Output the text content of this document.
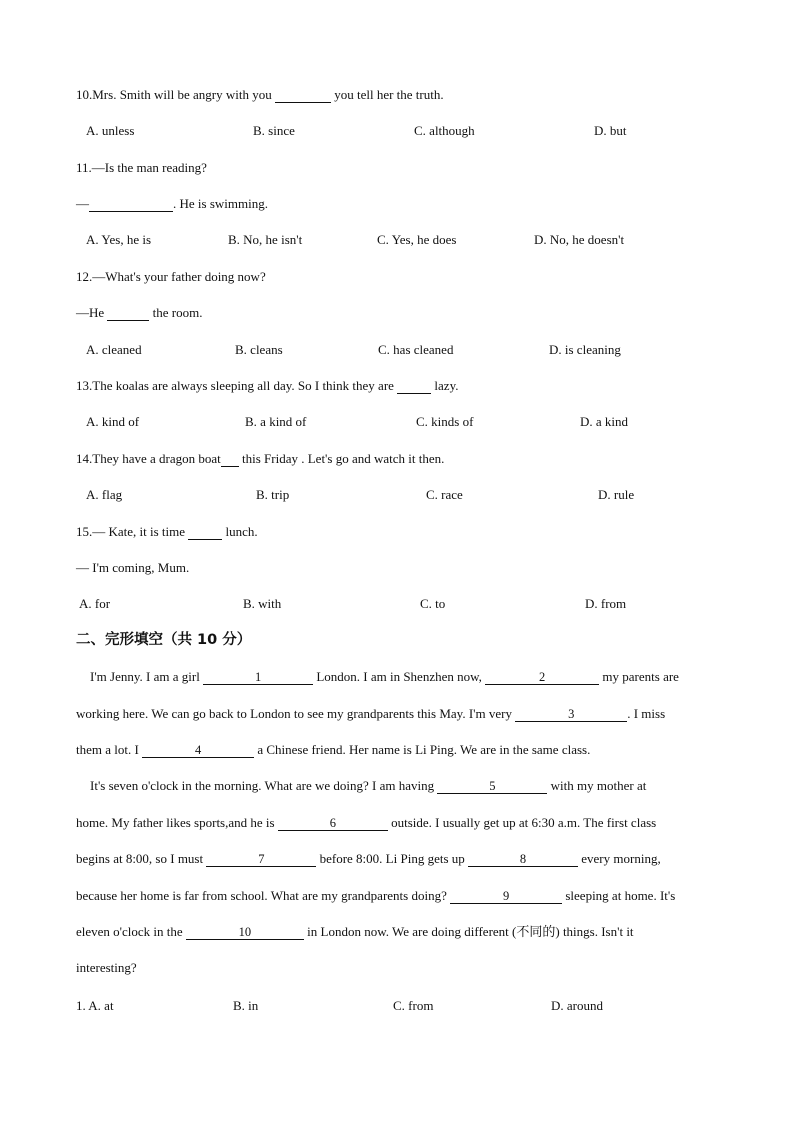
10.Mrs. Smith will be angry with you	you tell her the truth.
A. unless	B. since	C. although	D. but
11.—Is the man reading?
—	. He is swimming.
A. Yes, he is	B. No, he isn't	C. Yes, he does	D. No, he doesn't
12.—What's your father doing now?
—He	the room.
A. cleaned	B. cleans	C. has cleaned	D. is cleaning
13.The koalas are always sleeping all day. So I think they are	lazy.
A. kind of	B. a kind of	C. kinds of	D. a kind
14.They have a dragon boat this Friday . Let's go and watch it then.
A. flag	B. trip	C. race	D. rule
15.— Kate, it is time	lunch.
— I'm coming, Mum.
A. for	B. with	C. to	D. from
二、完形填空（共 10 分）
I'm Jenny. I am a girl	1	London. I am in Shenzhen now,	2	my parents are
working here. We can go back to London to see my grandparents this May. I'm very	3	. I miss
them a lot. I	4	a Chinese friend. Her name is Li Ping. We are in the same class.
It's seven o'clock in the morning. What are we doing? I am having	5	with my mother at
home. My father likes sports,and he is	6	outside. I usually get up at 6:30 a.m. The first class
begins at 8:00, so I must	7	before 8:00. Li Ping gets up	8	every morning,
because her home is far from school. What are my grandparents doing?	9	sleeping at home. It's
eleven o'clock in the	10	in London now. We are doing different (不同的) things. Isn't it
interesting?
1. A. at	B. in	C. from	D. around
